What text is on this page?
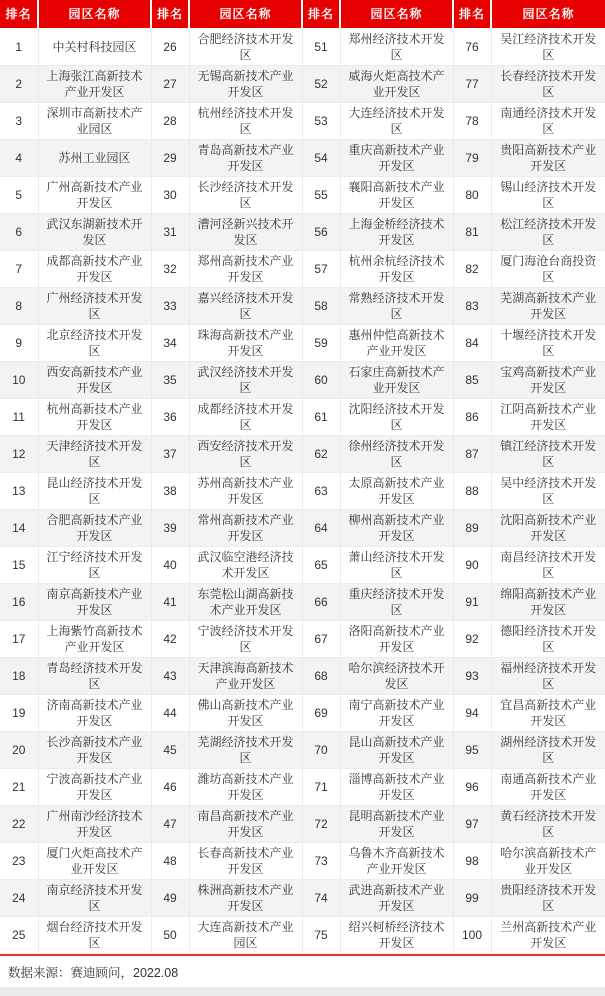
排名	园区名称	排名	园区名称	排名	园区名称	排名	园区名称
1	中关村科技园区	26	合肥经济技术开发区	51	郑州经济技术开发区	76	吴江经济技术开发区
2	上海张江高新技术产业开发区	27	无锡高新技术产业开发区	52	威海火炬高技术产业开发区	77	长春经济技术开发区
3	深圳市高新技术产业园区	28	杭州经济技术开发区	53	大连经济技术开发区	78	南通经济技术开发区
4	苏州工业园区	29	青岛高新技术产业开发区	54	重庆高新技术产业开发区	79	贵阳高新技术产业开发区
5	广州高新技术产业开发区	30	长沙经济技术开发区	55	襄阳高新技术产业开发区	80	锡山经济技术开发区
6	武汉东湖新技术开发区	31	漕河泾新兴技术开发区	56	上海金桥经济技术开发区	81	松江经济技术开发区
7	成都高新技术产业开发区	32	郑州高新技术产业开发区	57	杭州余杭经济技术开发区	82	厦门海沧台商投资区
8	广州经济技术开发区	33	嘉兴经济技术开发区	58	常熟经济技术开发区	83	芜湖高新技术产业开发区
9	北京经济技术开发区	34	珠海高新技术产业开发区	59	惠州仲恺高新技术产业开发区	84	十堰经济技术开发区
10	西安高新技术产业开发区	35	武汉经济技术开发区	60	石家庄高新技术产业开发区	85	宝鸡高新技术产业开发区
11	杭州高新技术产业开发区	36	成都经济技术开发区	61	沈阳经济技术开发区	86	江阴高新技术产业开发区
12	天津经济技术开发区	37	西安经济技术开发区	62	徐州经济技术开发区	87	镇江经济技术开发区
13	昆山经济技术开发区	38	苏州高新技术产业开发区	63	太原高新技术产业开发区	88	吴中经济技术开发区
14	合肥高新技术产业开发区	39	常州高新技术产业开发区	64	柳州高新技术产业开发区	89	沈阳高新技术产业开发区
15	江宁经济技术开发区	40	武汉临空港经济技术开发区	65	萧山经济技术开发区	90	南昌经济技术开发区
16	南京高新技术产业开发区	41	东莞松山湖高新技术产业开发区	66	重庆经济技术开发区	91	绵阳高新技术产业开发区
17	上海紫竹高新技术产业开发区	42	宁波经济技术开发区	67	洛阳高新技术产业开发区	92	德阳经济技术开发区
18	青岛经济技术开发区	43	天津滨海高新技术产业开发区	68	哈尔滨经济技术开发区	93	福州经济技术开发区
19	济南高新技术产业开发区	44	佛山高新技术产业开发区	69	南宁高新技术产业开发区	94	宜昌高新技术产业开发区
20	长沙高新技术产业开发区	45	芜湖经济技术开发区	70	昆山高新技术产业开发区	95	湖州经济技术开发区
21	宁波高新技术产业开发区	46	潍坊高新技术产业开发区	71	淄博高新技术产业开发区	96	南通高新技术产业开发区
22	广州南沙经济技术开发区	47	南昌高新技术产业开发区	72	昆明高新技术产业开发区	97	黄石经济技术开发区
23	厦门火炬高技术产业开发区	48	长春高新技术产业开发区	73	乌鲁木齐高新技术产业开发区	98	哈尔滨高新技术产业开发区
24	南京经济技术开发区	49	株洲高新技术产业开发区	74	武进高新技术产业开发区	99	贵阳经济技术开发区
25	烟台经济技术开发区	50	大连高新技术产业园区	75	绍兴柯桥经济技术开发区	100	兰州高新技术产业开发区
数据来源：赛迪顾问，2022.08
